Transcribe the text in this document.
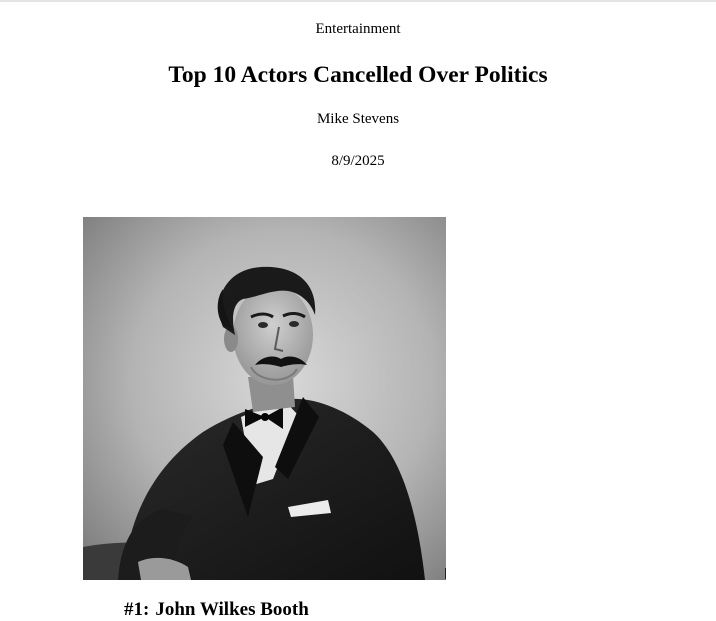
Entertainment
Top 10 Actors Cancelled Over Politics
Mike Stevens
8/9/2025
#1: John Wilkes Booth
